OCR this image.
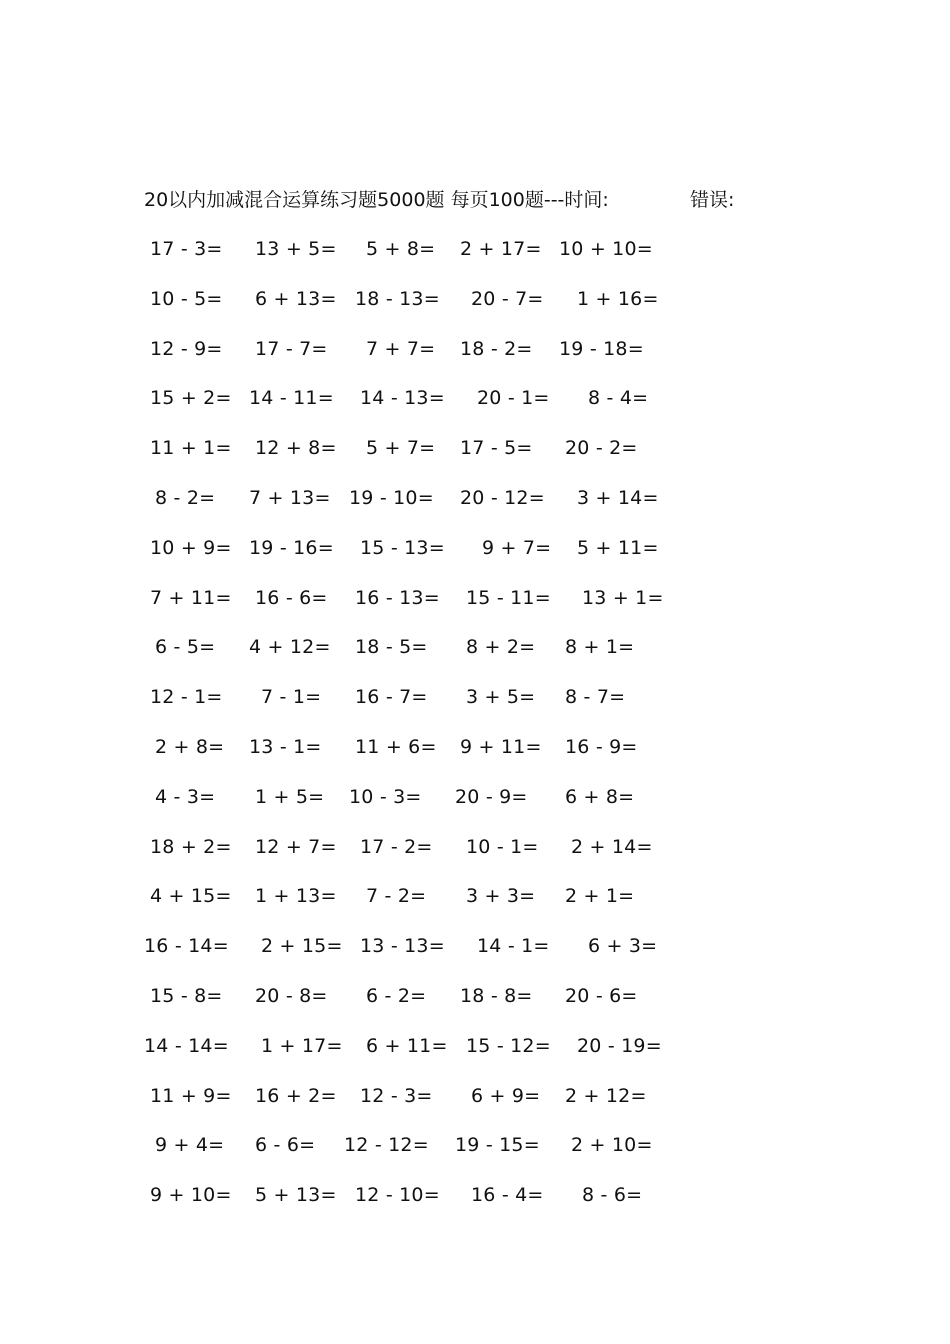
20以内加减混合运算练习题5000题 每页100题---时间:	错误:
17 - 3= 13 + 5= 5 + 8= 2 + 17= 10 + 10=
10 - 5= 6 + 13= 18 - 13= 20 - 7= 1 + 16=
12 - 9= 17 - 7= 7 + 7= 18 - 2= 19 - 18=
15 + 2= 14 - 11= 14 - 13= 20 - 1= 8 - 4=
11 + 1= 12 + 8= 5 + 7= 17 - 5= 20 - 2=
8 - 2= 7 + 13= 19 - 10= 20 - 12= 3 + 14=
10 + 9= 19 - 16= 15 - 13= 9 + 7= 5 + 11=
7 + 11= 16 - 6= 16 - 13= 15 - 11= 13 + 1=
6 - 5= 4 + 12= 18 - 5= 8 + 2= 8 + 1=
12 - 1= 7 - 1= 16 - 7= 3 + 5= 8 - 7=
2 + 8= 13 - 1= 11 + 6= 9 + 11= 16 - 9=
4 - 3= 1 + 5= 10 - 3= 20 - 9= 6 + 8=
18 + 2= 12 + 7= 17 - 2= 10 - 1= 2 + 14=
4 + 15= 1 + 13= 7 - 2= 3 + 3= 2 + 1=
16 - 14= 2 + 15= 13 - 13= 14 - 1= 6 + 3=
15 - 8= 20 - 8= 6 - 2= 18 - 8= 20 - 6=
14 - 14= 1 + 17= 6 + 11= 15 - 12= 20 - 19=
11 + 9= 16 + 2= 12 - 3= 6 + 9= 2 + 12=
9 + 4= 6 - 6= 12 - 12= 19 - 15= 2 + 10=
9 + 10= 5 + 13= 12 - 10= 16 - 4= 8 - 6=
